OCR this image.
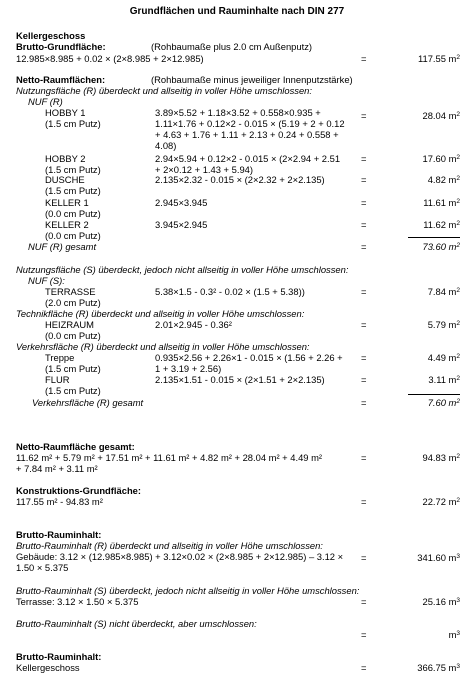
Grundflächen und Rauminhalte nach DIN 277
Kellergeschoss
Brutto-Grundfläche:	(Rohbaumaße plus 2.0 cm Außenputz)
12.985×8.985 + 0.02 × (2×8.985 + 2×12.985)	=	117.55 $m^2$
Netto-Raumflächen:	(Rohbaumaße minus jeweiliger Innenputzstärke)
Nutzungsfläche (R) überdeckt und allseitig in voller Höhe umschlossen:
NUF (R)
HOBBY 1
(1.5 cm Putz)
3.89×5.52 + 1.18×3.52 + 0.558×0.935 +
1.11×1.76 + 0.12×2 - 0.015 × (5.19 + 2 + 0.12
+ 4.63 + 1.76 + 1.11 + 2.13 + 0.24 + 0.558 +
4.08)
=	28.04 $m^2$
HOBBY 2
(1.5 cm Putz)
2.94×5.94 + 0.12×2 - 0.015 × (2×2.94 + 2.51
+ 2×0.12 + 1.43 + 5.94)
=	17.60 $m^2$
DUSCHE
(1.5 cm Putz)
2.135×2.32 - 0.015 × (2×2.32 + 2×2.135)	=	4.82 $m^2$
KELLER 1
(0.0 cm Putz)
2.945×3.945	=	11.61 $m^2$
KELLER 2
(0.0 cm Putz)
3.945×2.945	=	11.62 $m^2$
NUF (R) gesamt	=	73.60 $m^2$
Nutzungsfläche (S) überdeckt, jedoch nicht allseitig in voller Höhe umschlossen:
NUF (S):
TERRASSE
(2.0 cm Putz)
5.38×1.5 - 0.3² - 0.02 × (1.5 + 5.38))	=	7.84 $m^2$
Technikfläche (R) überdeckt und allseitig in voller Höhe umschlossen:
HEIZRAUM
(0.0 cm Putz)
2.01×2.945 - 0.36²	=	5.79 $m^2$
Verkehrsfläche (R) überdeckt und allseitig in voller Höhe umschlossen:
Treppe
(1.5 cm Putz)
0.935×2.56 + 2.26×1 - 0.015 × (1.56 + 2.26 +
1 + 3.19 + 2.56)
=	4.49 $m^2$
FLUR
(1.5 cm Putz)
2.135×1.51 - 0.015 × (2×1.51 + 2×2.135)	=	3.11 $m^2$
Verkehrsfläche (R) gesamt	=	7.60 $m^2$
Netto-Raumfläche gesamt:
11.62 m² + 5.79 m² + 17.51 m² + 11.61 m² + 4.82 m² + 28.04 m² + 4.49 m²
+ 7.84 m² + 3.11 m²
=	94.83 $m^2$
Konstruktions-Grundfläche:
117.55 m² - 94.83 m²	=	22.72 $m^2$
Brutto-Rauminhalt:
Brutto-Rauminhalt (R) überdeckt und allseitig in voller Höhe umschlossen:
Gebäude: 3.12 × (12.985×8.985) + 3.12×0.02 × (2×8.985 + 2×12.985) – 3.12 ×
1.50 × 5.375
=	341.60 $m^3$
Brutto-Rauminhalt (S) überdeckt, jedoch nicht allseitig in voller Höhe umschlossen:
Terrasse: 3.12 × 1.50 × 5.375	=	25.16 $m^3$
Brutto-Rauminhalt (S) nicht überdeckt, aber umschlossen:
=	$m^3$
Brutto-Rauminhalt:
Kellergeschoss	=	366.75 $m^3$
